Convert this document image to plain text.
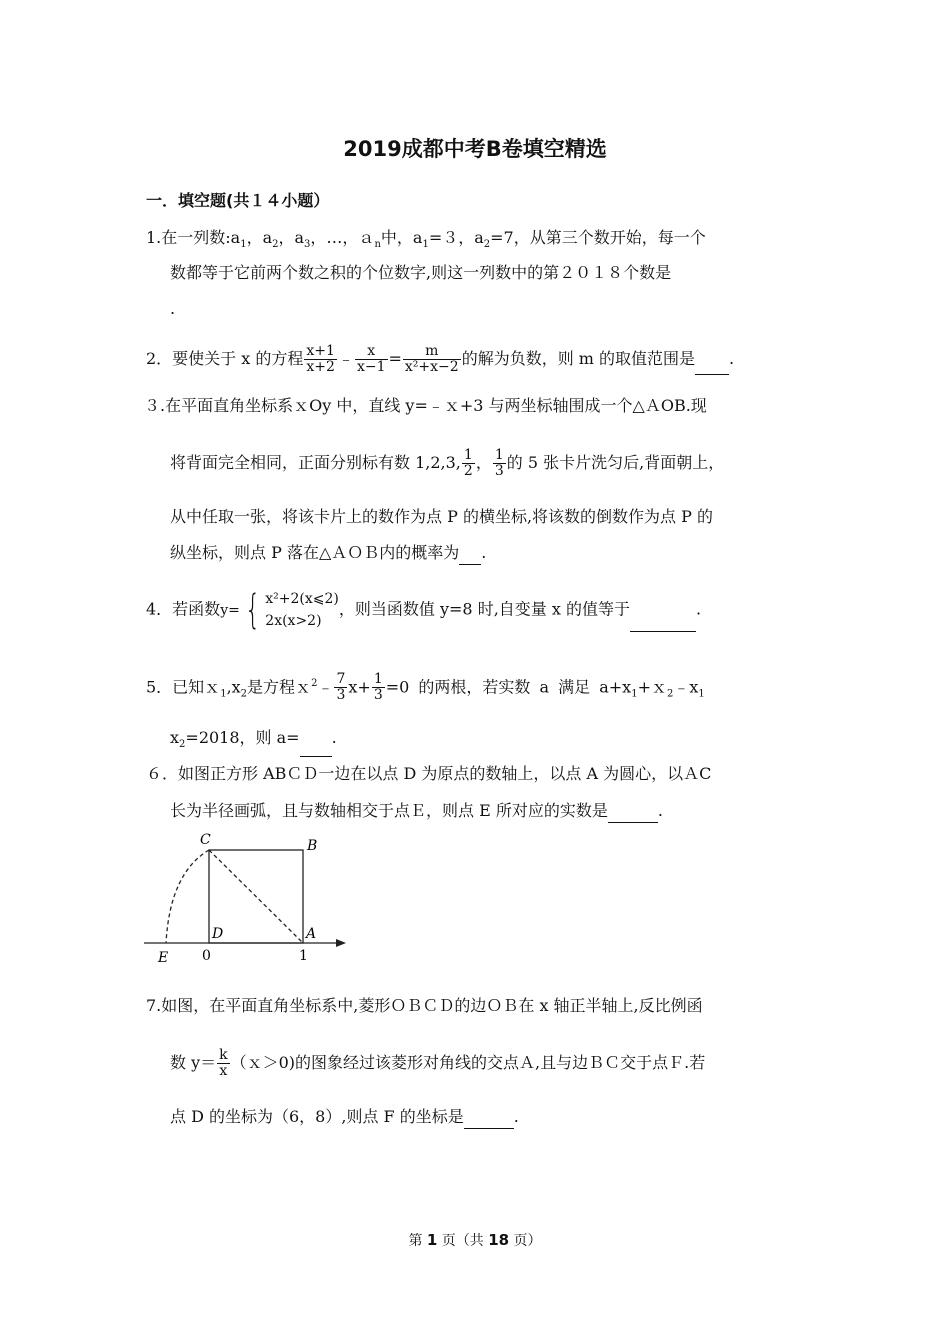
2019成都中考B卷填空精选
一．填空题(共１４小题）
1.在一列数$:a_1$，$a_2$，$a_3$，…，ａ$_n$中，$a_1=3$，$a_2=7$，从第三个数开始，每一个
数都等于它前两个数之积的个位数字,则这一列数中的第２０１８个数是
.
2．要使关于 x 的方程 $\frac{x+1}{x+2}$ ﹣ $\frac{x}{x-1} = \frac{m}{\text{x²+x−2}}$ 的解为负数，则 m 的取值范围是 .
３.在平面直角坐标系ｘOy 中，直线 y=﹣ｘ+3 与两坐标轴围成一个△ＡOB.现
将背面完全相同，正面分别标有数 1,2,3, $\frac{1}{2}$ ， $\frac{1}{3}$ 的 5 张卡片洗匀后,背面朝上，
从中任取一张，将该卡片上的数作为点 P 的横坐标,将该数的倒数作为点 P 的
纵坐标，则点 P 落在△ＡＯＢ内的概率为 .
4．若函数y= { x²+2(x⩽2)
2x(x>2)
，则当函数值 y=8 时,自变量 x 的值等于	.
5．已知$x_1,x_2$是方程ｘ$^2$﹣ $\frac{7}{3} x+ \frac{1}{3} =0$ 的两根，若实数 a 满足 $a+x_1+x_2﹣x_1$
$x_2=2018$，则 a= .
６．如图正方形 ABＣＤ一边在以点 D 为原点的数轴上，以点 A 为圆心，以ＡC
长为半径画弧，且与数轴相交于点Ｅ，则点 E 所对应的实数是	.
C	B
D	A
E 0	1
7.如图，在平面直角坐标系中,菱形ＯＢＣＤ的边ＯＢ在 x 轴正半轴上,反比例函
数 $y= \frac{k}{x}$ （ｘ＞0)的图象经过该菱形对角线的交点Ａ,且与边ＢＣ交于点Ｆ.若
点 D 的坐标为（6，8）,则点 F 的坐标是	.
第 1 页（共 18 页）
